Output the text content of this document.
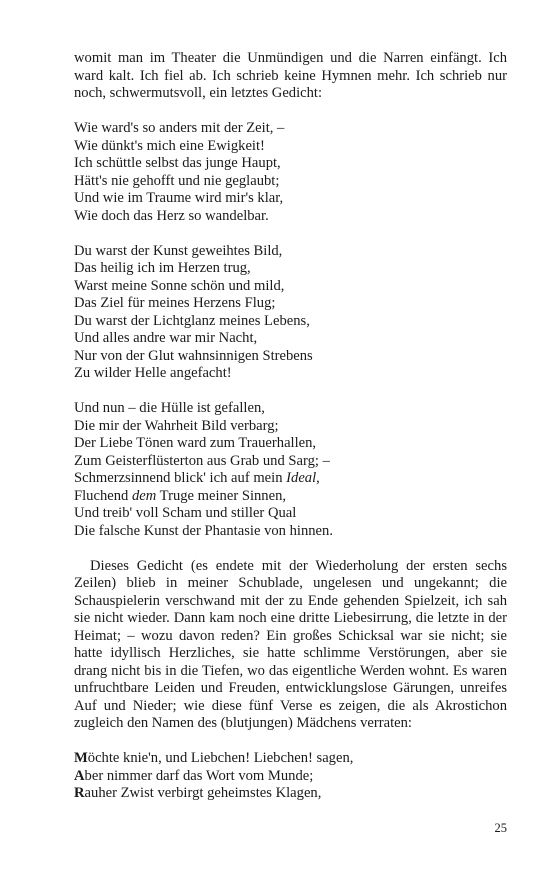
womit man im Theater die Unmündigen und die Narren einfängt. Ich ward kalt. Ich fiel ab. Ich schrieb keine Hymnen mehr. Ich schrieb nur noch, schwermutsvoll, ein letztes Gedicht:

Wie ward's so anders mit der Zeit, –
Wie dünkt's mich eine Ewigkeit!
Ich schüttle selbst das junge Haupt,
Hätt's nie gehofft und nie geglaubt;
Und wie im Traume wird mir's klar,
Wie doch das Herz so wandelbar.
Du warst der Kunst geweihtes Bild,
Das heilig ich im Herzen trug,
Warst meine Sonne schön und mild,
Das Ziel für meines Herzens Flug;
Du warst der Lichtglanz meines Lebens,
Und alles andre war mir Nacht,
Nur von der Glut wahnsinnigen Strebens
Zu wilder Helle angefacht!
Und nun – die Hülle ist gefallen,
Die mir der Wahrheit Bild verbarg;
Der Liebe Tönen ward zum Trauerhallen,
Zum Geisterflüsterton aus Grab und Sarg; –
Schmerzsinnend blick' ich auf mein Ideal,
Fluchend dem Truge meiner Sinnen,
Und treib' voll Scham und stiller Qual
Die falsche Kunst der Phantasie von hinnen.

Dieses Gedicht (es endete mit der Wiederholung der ersten sechs Zeilen) blieb in meiner Schublade, ungelesen und ungekannt; die Schauspielerin verschwand mit der zu Ende gehenden Spielzeit, ich sah sie nicht wieder. Dann kam noch eine dritte Liebesirrung, die letzte in der Heimat; – wozu davon reden? Ein großes Schicksal war sie nicht; sie hatte idyllisch Herzliches, sie hatte schlimme Verstörungen, aber sie drang nicht bis in die Tiefen, wo das eigentliche Werden wohnt. Es waren unfruchtbare Leiden und Freuden, entwicklungslose Gärungen, unreifes Auf und Nieder; wie diese fünf Verse es zeigen, die als Akrostichon zugleich den Namen des (blutjungen) Mädchens verraten:

Möchte knie'n, und Liebchen! Liebchen! sagen,
Aber nimmer darf das Wort vom Munde;
Rauher Zwist verbirgt geheimstes Klagen,
25
